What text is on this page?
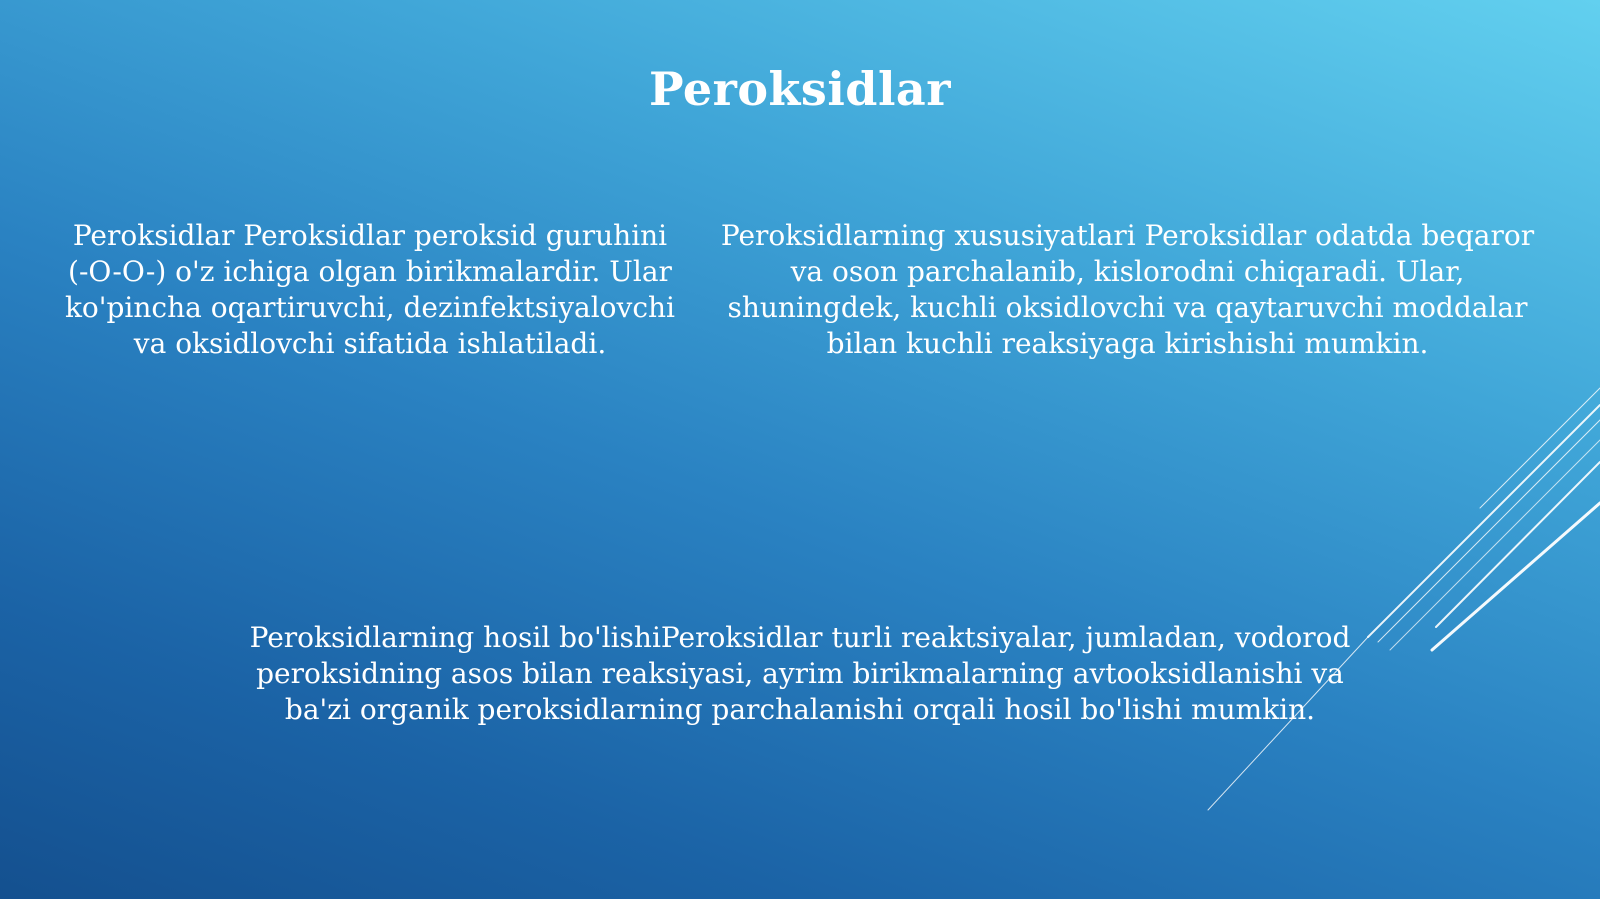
Peroksidlar
Peroksidlar Peroksidlar peroksid guruhini (-O-O-) o'z ichiga olgan birikmalardir. Ular ko'pincha oqartiruvchi, dezinfektsiyalovchi va oksidlovchi sifatida ishlatiladi.
Peroksidlarning xususiyatlari Peroksidlar odatda beqaror va oson parchalanib, kislorodni chiqaradi. Ular, shuningdek, kuchli oksidlovchi va qaytaruvchi moddalar bilan kuchli reaksiyaga kirishishi mumkin.
Peroksidlarning hosil bo'lishiPeroksidlar turli reaktsiyalar, jumladan, vodorod peroksidning asos bilan reaksiyasi, ayrim birikmalarning avtooksidlanishi va ba'zi organik peroksidlarning parchalanishi orqali hosil bo'lishi mumkin.
